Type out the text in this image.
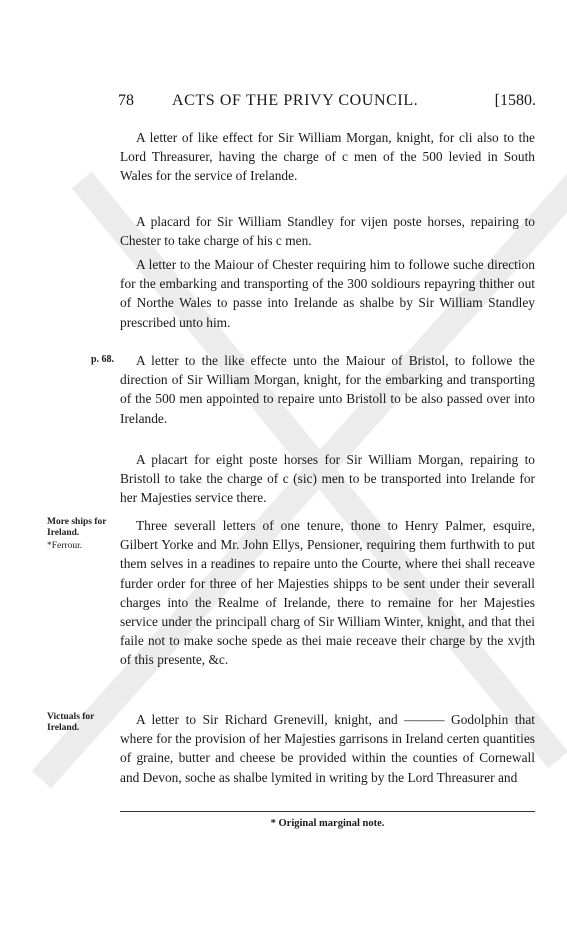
78 ACTS OF THE PRIVY COUNCIL.	[1580.

A letter of like effect for Sir William Morgan, knight, for cli also to the Lord Threasurer, having the charge of c men of the 500 levied in South Wales for the service of Irelande.

A placard for Sir William Standley for vijen poste horses, repairing to Chester to take charge of his c men.

A letter to the Maiour of Chester requiring him to followe suche direction for the embarking and transporting of the 300 soldiours repayring thither out of Northe Wales to passe into Irelande as shalbe by Sir William Standley prescribed unto him.

p. 68.	A letter to the like effecte unto the Maiour of Bristol, to followe the direction of Sir William Morgan, knight, for the embarking and transporting of the 500 men appointed to repaire unto Bristoll to be also passed over into Irelande.

A placart for eight poste horses for Sir William Morgan, repairing to Bristoll to take the charge of c (sic) men to be transported into Irelande for her Majesties service there.

More ships for Ireland.
*Ferrour.

Three severall letters of one tenure, thone to Henry Palmer, esquire, Gilbert Yorke and Mr. John Ellys, Pensioner, requiring them furthwith to put them selves in a readines to repaire unto the Courte, where thei shall receave furder order for three of her Majesties shipps to be sent under their severall charges into the Realme of Irelande, there to remaine for her Majesties service under the principall charg of Sir William Winter, knight, and that thei faile not to make soche spede as thei maie receave their charge by the xvjth of this presente, &c.

Victuals for Ireland.

A letter to Sir Richard Grenevill, knight, and ——— Godolphin that where for the provision of her Majesties garrisons in Ireland certen quantities of graine, butter and cheese be provided within the counties of Cornewall and Devon, soche as shalbe lymited in writing by the Lord Threasurer and

* Original marginal note.
